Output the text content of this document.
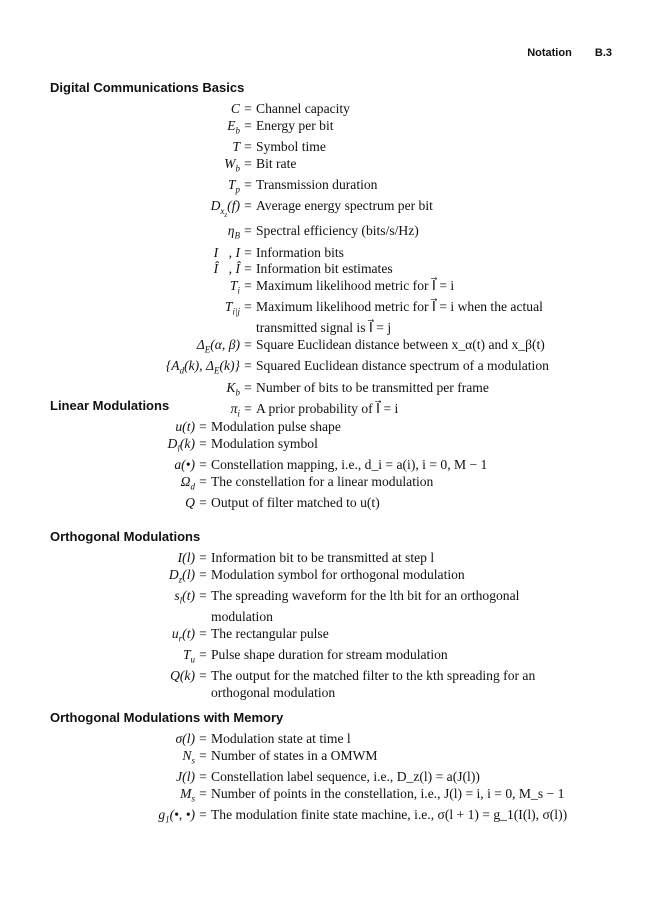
Notation B.3
Digital Communications Basics
C = Channel capacity
$E_b$ = Energy per bit
T = Symbol time
$W_b$ = Bit rate
$T_p$ = Transmission duration
$D_{x_z}(f)$ = Average energy spectrum per bit
$\eta_B$ = Spectral efficiency (bits/s/Hz)
I⃗, I = Information bits
Î⃗, Î = Information bit estimates
$T_i$ = Maximum likelihood metric for I⃗ = i
$T_{i|j}$ = Maximum likelihood metric for I⃗ = i when the actual
transmitted signal is I⃗ = j
$\Delta_E(\alpha$, β) = Square Euclidean distance between x_α(t) and x_β(t)
{$A_d(k)$, $\Delta_E(k)$} = Squared Euclidean distance spectrum of a modulation
$K_b$ = Number of bits to be transmitted per frame
$\pi_i = A$ prior probability of I⃗ = i
Linear Modulations
u(t) = Modulation pulse shape
$D_l(k)$ = Modulation symbol
a(•) = Constellation mapping, i.e., d_i = a(i), i = 0, M − 1
$\Omega_d$ = The constellation for a linear modulation
Q = Output of filter matched to u(t)
Orthogonal Modulations
I(l) = Information bit to be transmitted at step l
$D_z(l)$ = Modulation symbol for orthogonal modulation
$s_l(t)$ = The spreading waveform for the lth bit for an orthogonal
modulation
$u_r(t)$ = The rectangular pulse
$T_u$ = Pulse shape duration for stream modulation
Q(k) = The output for the matched filter to the kth spreading for an
orthogonal modulation
Orthogonal Modulations with Memory
σ(l) = Modulation state at time l
$N_s$ = Number of states in a OMWM
J(l) = Constellation label sequence, i.e., D_z(l) = a(J(l))
$M_s$ = Number of points in the constellation, i.e., J(l) = i, i = 0, M_s − 1
$g_1(•$, •) = The modulation finite state machine, i.e., σ(l + 1) = g_1(I(l), σ(l))
